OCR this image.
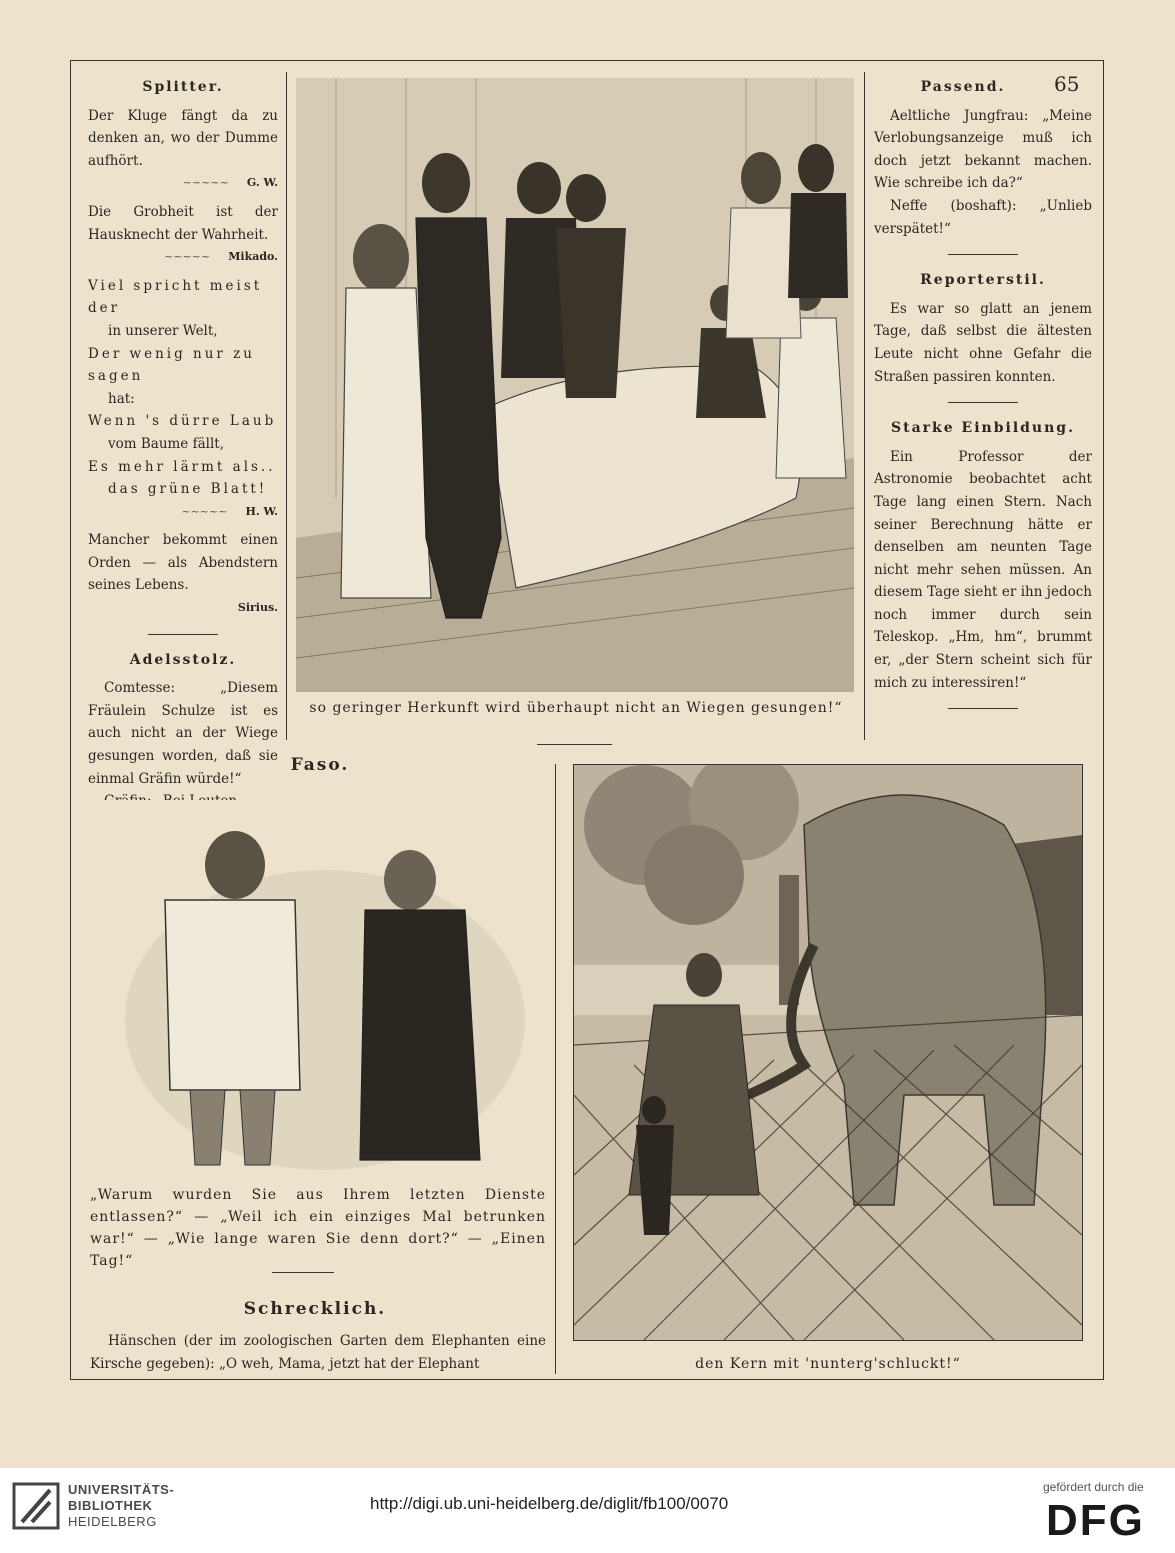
65
Splitter.

Der Kluge fängt da zu denken an, wo der Dumme aufhört.

~~~~~ G. W.

Die Grobheit ist der Hausknecht der Wahrheit.

~~~~~ Mikado.
Viel spricht meist der
in unserer Welt,
Der wenig nur zu sagen
hat:
Wenn 's dürre Laub
vom Baume fällt,
Es mehr lärmt als..
das grüne Blatt!
~~~~~ H. W.

Mancher bekommt einen Orden — als Abendstern seines Lebens.

Sirius.
Adelsstolz.

Comtesse: „Diesem Fräulein Schulze ist es auch nicht an der Wiege gesungen worden, daß sie einmal Gräfin würde!“

so geringer Herkunft wird überhaupt nicht an Wiegen gesungen!“
Passend.

Aeltliche Jungfrau: „Meine Verlobungsanzeige muß ich doch jetzt bekannt machen. Wie schreibe ich da?“

Neffe (boshaft): „Unlieb verspätet!“

Reporterstil.

Es war so glatt an jenem Tage, daß selbst die ältesten Leute nicht ohne Gefahr die Straßen passiren konnten.

Starke Einbildung.

Ein Professor der Astronomie beobachtet acht Tage lang einen Stern. Nach seiner Berechnung hätte er denselben am neunten Tage nicht mehr sehen müssen. An diesem Tage sieht er ihn jedoch noch immer durch sein Teleskop. „Hm, hm“, brummt er, „der Stern scheint sich für mich zu interessiren!“

Faso.
„Warum wurden Sie aus Ihrem letzten Dienste entlassen?“ — „Weil ich ein einziges Mal betrunken war!“ — „Wie lange waren Sie denn dort?“ — „Einen Tag!“
Schrecklich.

Hänschen (der im zoologischen Garten dem Elephanten eine Kirsche gegeben): „O weh, Mama, jetzt hat der Elephant	den Kern mit 'nunterg'schluckt!“
UNIVERSITÄTS-
BIBLIOTHEK
HEIDELBERG
http://digi.ub.uni-heidelberg.de/diglit/fb100/0070
gefördert durch die
DFG
